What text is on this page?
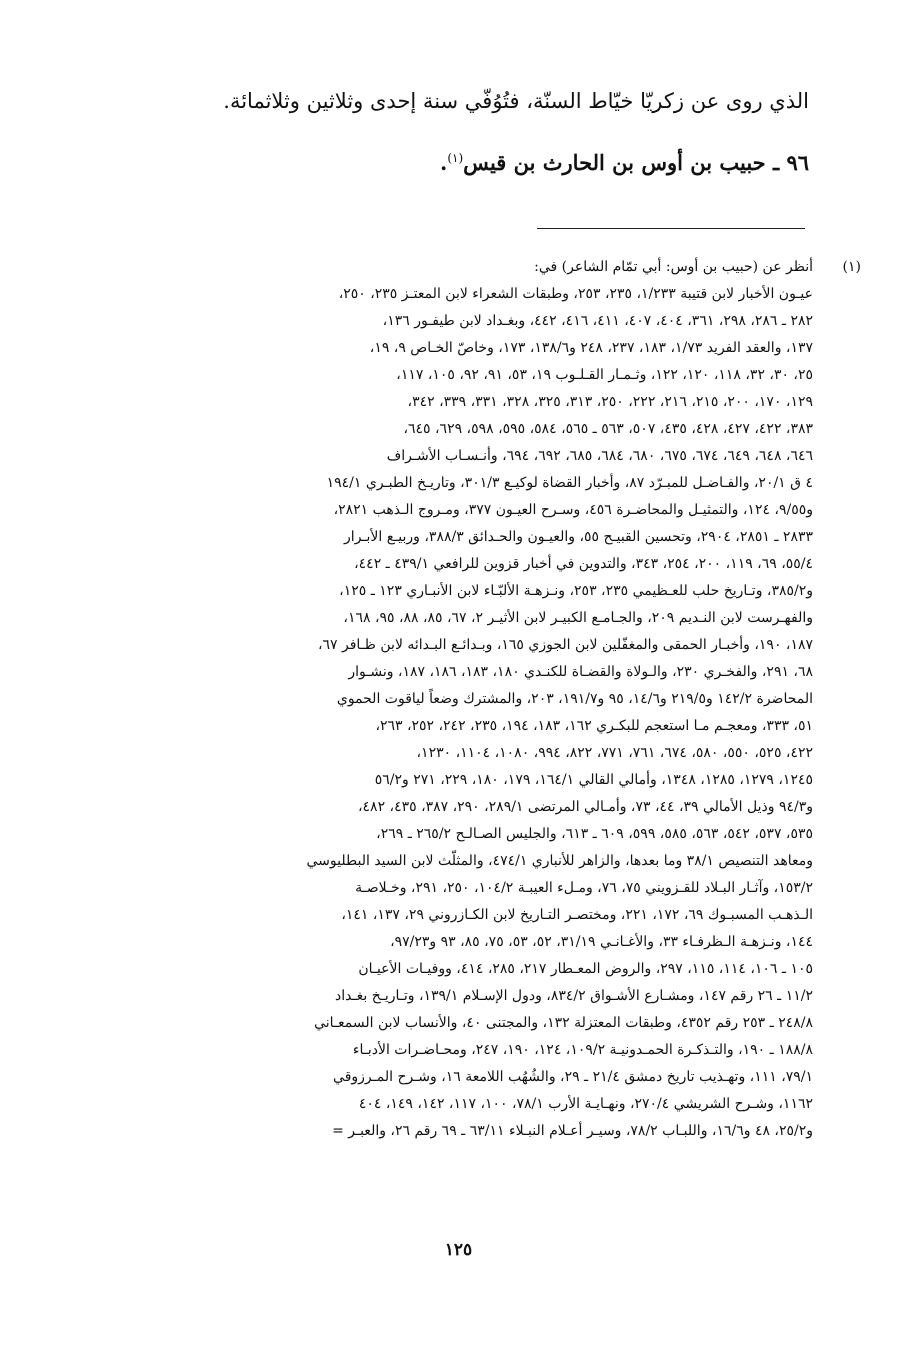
الذي روى عن زكريّا خيّاط السنّة، فتُوُفّي سنة إحدى وثلاثين وثلاثمائة.
٩٦ ـ حبيب بن أوس بن الحارث بن قيس$^{(١)}$.
(١)
أنظر عن (حبيب بن أوس: أبي تمّام الشاعر) في:
عيـون الأخبار لابن قتيبة ١/٢٣٣، ٢٣٥، ٢٥٣، وطبقات الشعراء لابن المعتـز ٢٣٥، ٢٥٠،
٢٨٢ ـ ٢٨٦، ٢٩٨، ٣٦١، ٤٠٤، ٤٠٧، ٤١١، ٤١٦، ٤٤٢، وبغـداد لابن طيفـور ١٣٦،
١٣٧، والعقد الفريد ١/٧٣، ١٨٣، ٢٣٧، ٢٤٨ و١٣٨/٦، ١٧٣، وخاصّ الخـاص ٩، ١٩،
٢٥، ٣٠، ٣٢، ١١٨، ١٢٠، ١٢٢، وثـمـار القـلـوب ١٩، ٥٣، ٩١، ٩٢، ١٠٥، ١١٧،
١٢٩، ١٧٠، ٢٠٠، ٢١٥، ٢١٦، ٢٢٢، ٢٥٠، ٣١٣، ٣٢٥، ٣٢٨، ٣٣١، ٣٣٩، ٣٤٢،
٣٨٣، ٤٢٢، ٤٢٧، ٤٢٨، ٤٣٥، ٥٠٧، ٥٦٣ ـ ٥٦٥، ٥٨٤، ٥٩٥، ٥٩٨، ٦٢٩، ٦٤٥،
٦٤٦، ٦٤٨، ٦٤٩، ٦٧٤، ٦٧٥، ٦٨٠، ٦٨٤، ٦٨٥، ٦٩٢، ٦٩٤، وأنـسـاب الأشـراف
٤ ق ٢٠/١، والفـاضـل للمبـرّد ٨٧، وأخبار القضاة لوكيـع ٣٠١/٣، وتاريـخ الطبـري ١٩٤/١
و٩/٥٥، ١٢٤، والتمثيـل والمحاضـرة ٤٥٦، وسـرح العيـون ٣٧٧، ومـروج الـذهب ٢٨٢١،
٢٨٣٣ ـ ٢٨٥١، ٢٩٠٤، وتحسين القبيـح ٥٥، والعيـون والحـدائق ٣٨٨/٣، وربيـع الأبـرار
٥٥/٤، ٦٩، ١١٩، ٢٠٠، ٢٥٤، ٣٤٣، والتدوين في أخبار قزوين للرافعي ٤٣٩/١ ـ ٤٤٢،
و٣٨٥/٢، وتـاريخ حلب للعـظيمي ٢٣٥، ٢٥٣، ونـزهـة الألبّـاء لابن الأنبـاري ١٢٣ ـ ١٢٥،
والفهـرست لابن النـديم ٢٠٩، والجـامـع الكبيـر لابن الأثيـر ٢، ٦٧، ٨٥، ٨٨، ٩٥، ١٦٨،
١٨٧، ١٩٠، وأخبـار الحمقى والمغفّلين لابن الجوزي ١٦٥، وبـدائـع البـدائه لابن ظـافر ٦٧،
٦٨، ٢٩١، والفخـري ٢٣٠، والـولاة والقضـاة للكنـدي ١٨٠، ١٨٣، ١٨٦، ١٨٧، ونشـوار
المحاضرة ١٤٢/٢ و٢١٩/٥ و١٤/٦، ٩٥ و١٩١/٧، ٢٠٣، والمشترك وضعاً لياقوت الحموي
٥١، ٣٣٣، ومعجـم مـا استعجم للبكـري ١٦٢، ١٨٣، ١٩٤، ٢٣٥، ٢٤٢، ٢٥٢، ٢٦٣،
٤٢٢، ٥٢٥، ٥٥٠، ٥٨٠، ٦٧٤، ٧٦١، ٧٧١، ٨٢٢، ٩٩٤، ١٠٨٠، ١١٠٤، ١٢٣٠،
١٢٤٥، ١٢٧٩، ١٢٨٥، ١٣٤٨، وأمالي القالي ١٦٤/١، ١٧٩، ١٨٠، ٢٢٩، ٢٧١ و٥٦/٢
و٩٤/٣ وذيل الأمالي ٣٩، ٤٤، ٧٣، وأمـالي المرتضى ٢٨٩/١، ٢٩٠، ٣٨٧، ٤٣٥، ٤٨٢،
٥٣٥، ٥٣٧، ٥٤٢، ٥٦٣، ٥٨٥، ٥٩٩، ٦٠٩ ـ ٦١٣، والجليس الصـالـح ٢٦٥/٢ ـ ٢٦٩،
ومعاهد التنصيص ٣٨/١ وما بعدها، والزاهر للأنباري ٤٧٤/١، والمثلّث لابن السيد البطليوسي
١٥٣/٢، وآثـار البـلاد للقـزويني ٧٥، ٧٦، ومـلء العيبـة ١٠٤/٢، ٢٥٠، ٢٩١، وخـلاصـة
الـذهـب المسبـوك ٦٩، ١٧٢، ٢٢١، ومختصـر التـاريخ لابن الكـازروني ٢٩، ١٣٧، ١٤١،
١٤٤، ونـزهـة الـظرفـاء ٣٣، والأغـانـي ٣١/١٩، ٥٢، ٥٣، ٧٥، ٨٥، ٩٣ و٩٧/٢٣،
١٠٥ ـ ١٠٦، ١١٤، ١١٥، ٢٩٧، والروض المعـطار ٢١٧، ٢٨٥، ٤١٤، ووفيـات الأعيـان
١١/٢ ـ ٢٦ رقم ١٤٧، ومشـارع الأشـواق ٨٣٤/٢، ودول الإسـلام ١٣٩/١، وتـاريـخ بغـداد
٢٤٨/٨ ـ ٢٥٣ رقم ٤٣٥٢، وطبقات المعتزلة ١٣٢، والمجتنى ٤٠، والأنساب لابن السمعـاني
١٨٨/٨ ـ ١٩٠، والتـذكـرة الحمـدونيـة ١٠٩/٢، ١٢٤، ١٩٠، ٢٤٧، ومحـاضـرات الأدبـاء
٧٩/١، ١١١، وتهـذيب تاريخ دمشق ٢١/٤ ـ ٢٩، والشُهُب اللامعة ١٦، وشـرح المـرزوقي
١١٦٢، وشـرح الشريشي ٢٧٠/٤، ونهـايـة الأرب ٧٨/١، ١٠٠، ١١٧، ١٤٢، ١٤٩، ٤٠٤
و٢٥/٢، ٤٨ و١٦/٦، واللبـاب ٧٨/٢، وسيـر أعـلام النبـلاء ٦٣/١١ ـ ٦٩ رقم ٢٦، والعبـر =
١٢٥
